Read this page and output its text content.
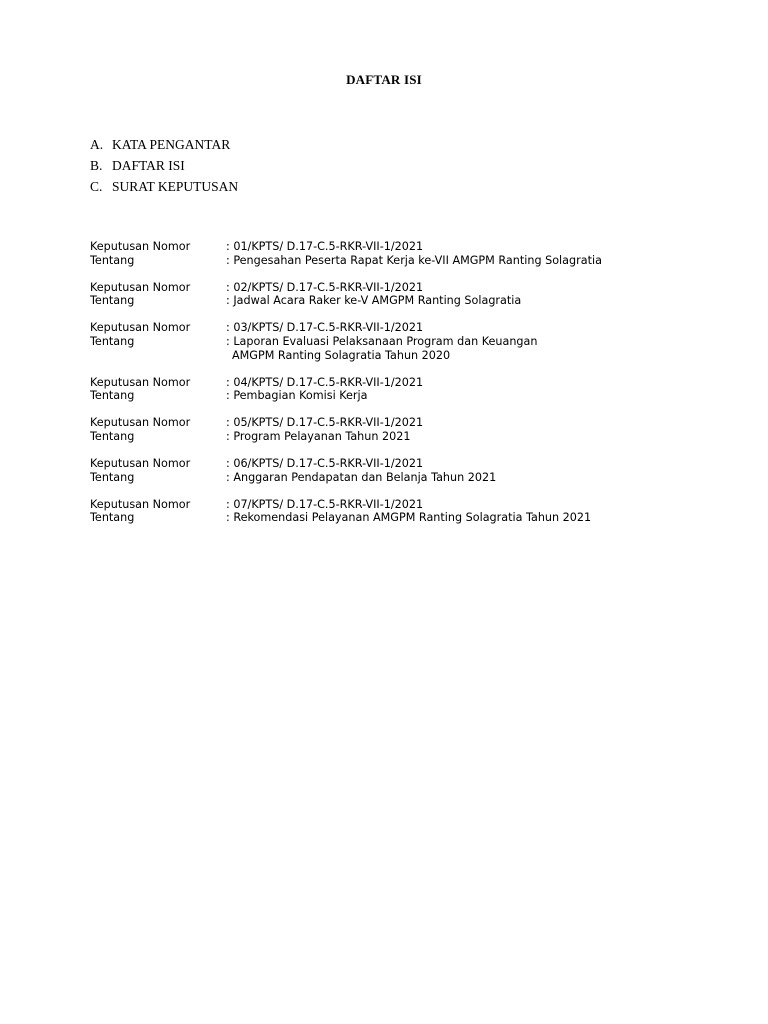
DAFTAR ISI
A. KATA PENGANTAR
B. DAFTAR ISI
C. SURAT KEPUTUSAN
Keputusan Nomor	: 01/KPTS/ D.17-C.5-RKR-VII-1/2021
Tentang	: Pengesahan Peserta Rapat Kerja ke-VII AMGPM Ranting Solagratia
Keputusan Nomor	: 02/KPTS/ D.17-C.5-RKR-VII-1/2021
Tentang	: Jadwal Acara Raker ke-V AMGPM Ranting Solagratia
Keputusan Nomor	: 03/KPTS/ D.17-C.5-RKR-VII-1/2021
Tentang	: Laporan Evaluasi Pelaksanaan Program dan Keuangan
AMGPM Ranting Solagratia Tahun 2020
Keputusan Nomor	: 04/KPTS/ D.17-C.5-RKR-VII-1/2021
Tentang	: Pembagian Komisi Kerja
Keputusan Nomor	: 05/KPTS/ D.17-C.5-RKR-VII-1/2021
Tentang	: Program Pelayanan Tahun 2021
Keputusan Nomor	: 06/KPTS/ D.17-C.5-RKR-VII-1/2021
Tentang	: Anggaran Pendapatan dan Belanja Tahun 2021
Keputusan Nomor	: 07/KPTS/ D.17-C.5-RKR-VII-1/2021
Tentang	: Rekomendasi Pelayanan AMGPM Ranting Solagratia Tahun 2021
